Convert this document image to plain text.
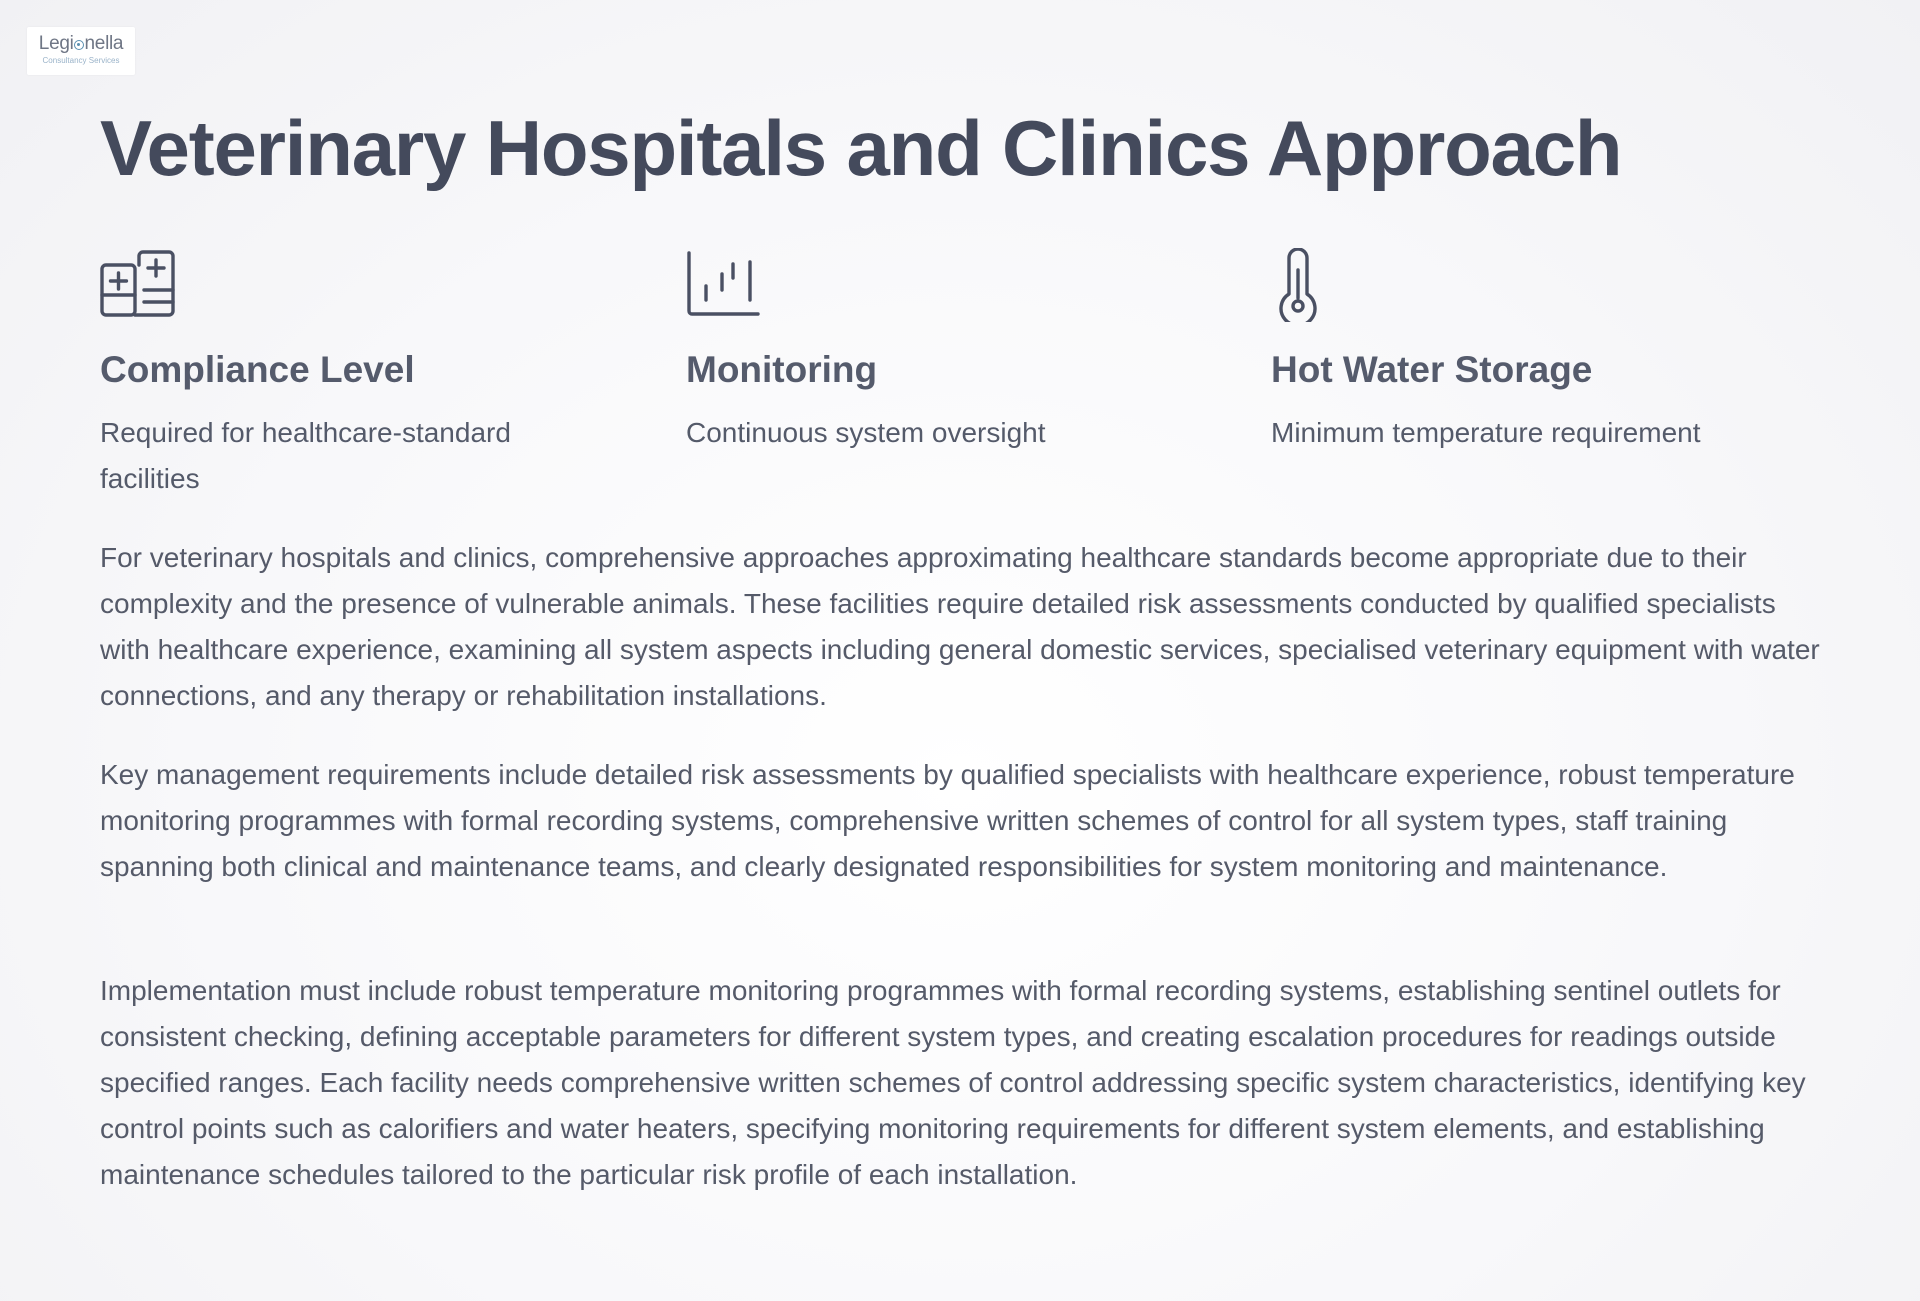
Legi nella
Consultancy Services
Veterinary Hospitals and Clinics Approach
Compliance Level

Required for healthcare-standard facilities

Monitoring

Continuous system oversight

Hot Water Storage

Minimum temperature requirement

For veterinary hospitals and clinics, comprehensive approaches approximating healthcare standards become appropriate due to their complexity and the presence of vulnerable animals. These facilities require detailed risk assessments conducted by qualified specialists with healthcare experience, examining all system aspects including general domestic services, specialised veterinary equipment with water connections, and any therapy or rehabilitation installations.

Key management requirements include detailed risk assessments by qualified specialists with healthcare experience, robust temperature monitoring programmes with formal recording systems, comprehensive written schemes of control for all system types, staff training spanning both clinical and maintenance teams, and clearly designated responsibilities for system monitoring and maintenance.

Implementation must include robust temperature monitoring programmes with formal recording systems, establishing sentinel outlets for consistent checking, defining acceptable parameters for different system types, and creating escalation procedures for readings outside specified ranges. Each facility needs comprehensive written schemes of control addressing specific system characteristics, identifying key control points such as calorifiers and water heaters, specifying monitoring requirements for different system elements, and establishing maintenance schedules tailored to the particular risk profile of each installation.
